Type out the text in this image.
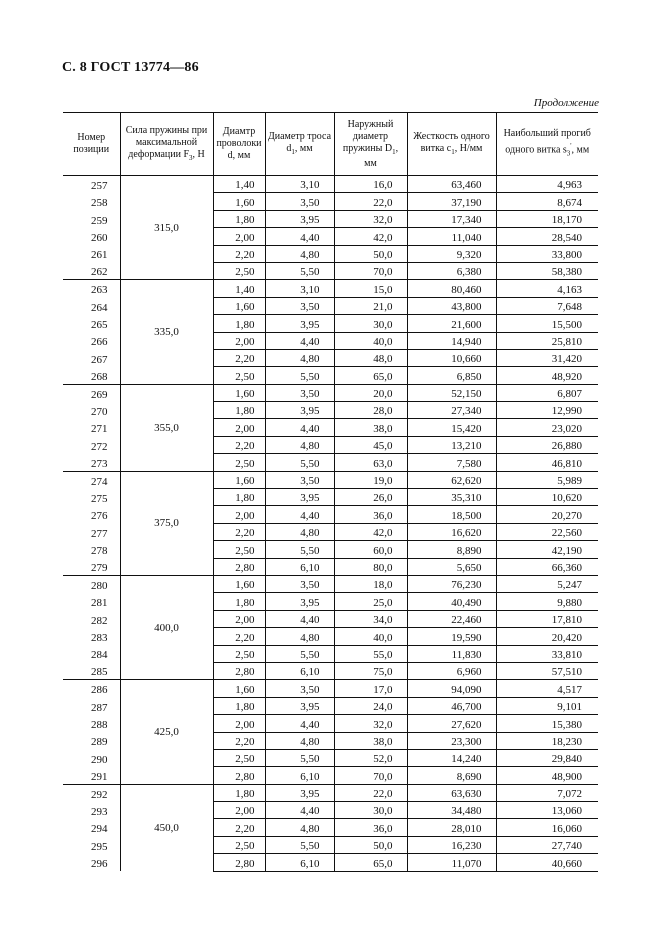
С. 8 ГОСТ 13774—86
Продолжение
Номер позиции	Сила пружины при максимальной деформации $F_3$, Н	Диамтр проволоки d, мм	Диаметр троса $d_1$, мм	Наружный диаметр пружины $D_1$, мм	Жесткость одного витка $c_1$, Н/мм	Наибольший прогиб одного витка $s_3'$, мм
257	315,0	1,40	3,10	16,0	63,460	4,963
258		1,60	3,50	22,0	37,190	8,674
259		1,80	3,95	32,0	17,340	18,170
260		2,00	4,40	42,0	11,040	28,540
261		2,20	4,80	50,0	9,320	33,800
262		2,50	5,50	70,0	6,380	58,380
263	335,0	1,40	3,10	15,0	80,460	4,163
264		1,60	3,50	21,0	43,800	7,648
265		1,80	3,95	30,0	21,600	15,500
266		2,00	4,40	40,0	14,940	25,810
267		2,20	4,80	48,0	10,660	31,420
268		2,50	5,50	65,0	6,850	48,920
269	355,0	1,60	3,50	20,0	52,150	6,807
270		1,80	3,95	28,0	27,340	12,990
271		2,00	4,40	38,0	15,420	23,020
272		2,20	4,80	45,0	13,210	26,880
273		2,50	5,50	63,0	7,580	46,810
274	375,0	1,60	3,50	19,0	62,620	5,989
275		1,80	3,95	26,0	35,310	10,620
276		2,00	4,40	36,0	18,500	20,270
277		2,20	4,80	42,0	16,620	22,560
278		2,50	5,50	60,0	8,890	42,190
279		2,80	6,10	80,0	5,650	66,360
280	400,0	1,60	3,50	18,0	76,230	5,247
281		1,80	3,95	25,0	40,490	9,880
282		2,00	4,40	34,0	22,460	17,810
283		2,20	4,80	40,0	19,590	20,420
284		2,50	5,50	55,0	11,830	33,810
285		2,80	6,10	75,0	6,960	57,510
286	425,0	1,60	3,50	17,0	94,090	4,517
287		1,80	3,95	24,0	46,700	9,101
288		2,00	4,40	32,0	27,620	15,380
289		2,20	4,80	38,0	23,300	18,230
290		2,50	5,50	52,0	14,240	29,840
291		2,80	6,10	70,0	8,690	48,900
292	450,0	1,80	3,95	22,0	63,630	7,072
293		2,00	4,40	30,0	34,480	13,060
294		2,20	4,80	36,0	28,010	16,060
295		2,50	5,50	50,0	16,230	27,740
296		2,80	6,10	65,0	11,070	40,660
